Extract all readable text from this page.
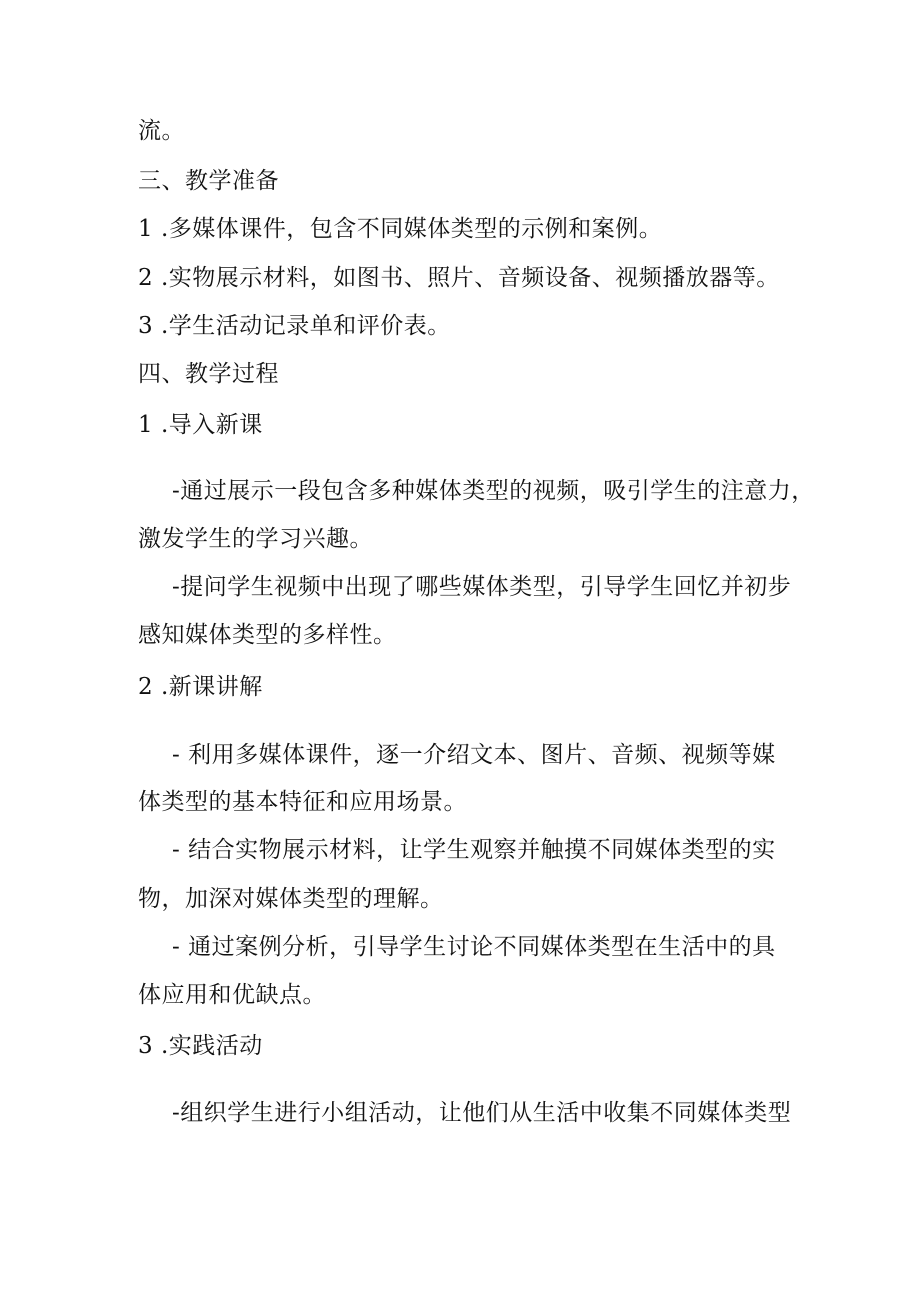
流。
三、教学准备
1 .多媒体课件，包含不同媒体类型的示例和案例。
2 .实物展示材料，如图书、照片、音频设备、视频播放器等。
3 .学生活动记录单和评价表。
四、教学过程
1 .导入新课
-通过展示一段包含多种媒体类型的视频，吸引学生的注意力，
激发学生的学习兴趣。
-提问学生视频中出现了哪些媒体类型，引导学生回忆并初步
感知媒体类型的多样性。
2 .新课讲解
- 利用多媒体课件，逐一介绍文本、图片、音频、视频等媒
体类型的基本特征和应用场景。
- 结合实物展示材料，让学生观察并触摸不同媒体类型的实
物，加深对媒体类型的理解。
- 通过案例分析，引导学生讨论不同媒体类型在生活中的具
体应用和优缺点。
3 .实践活动
-组织学生进行小组活动，让他们从生活中收集不同媒体类型
